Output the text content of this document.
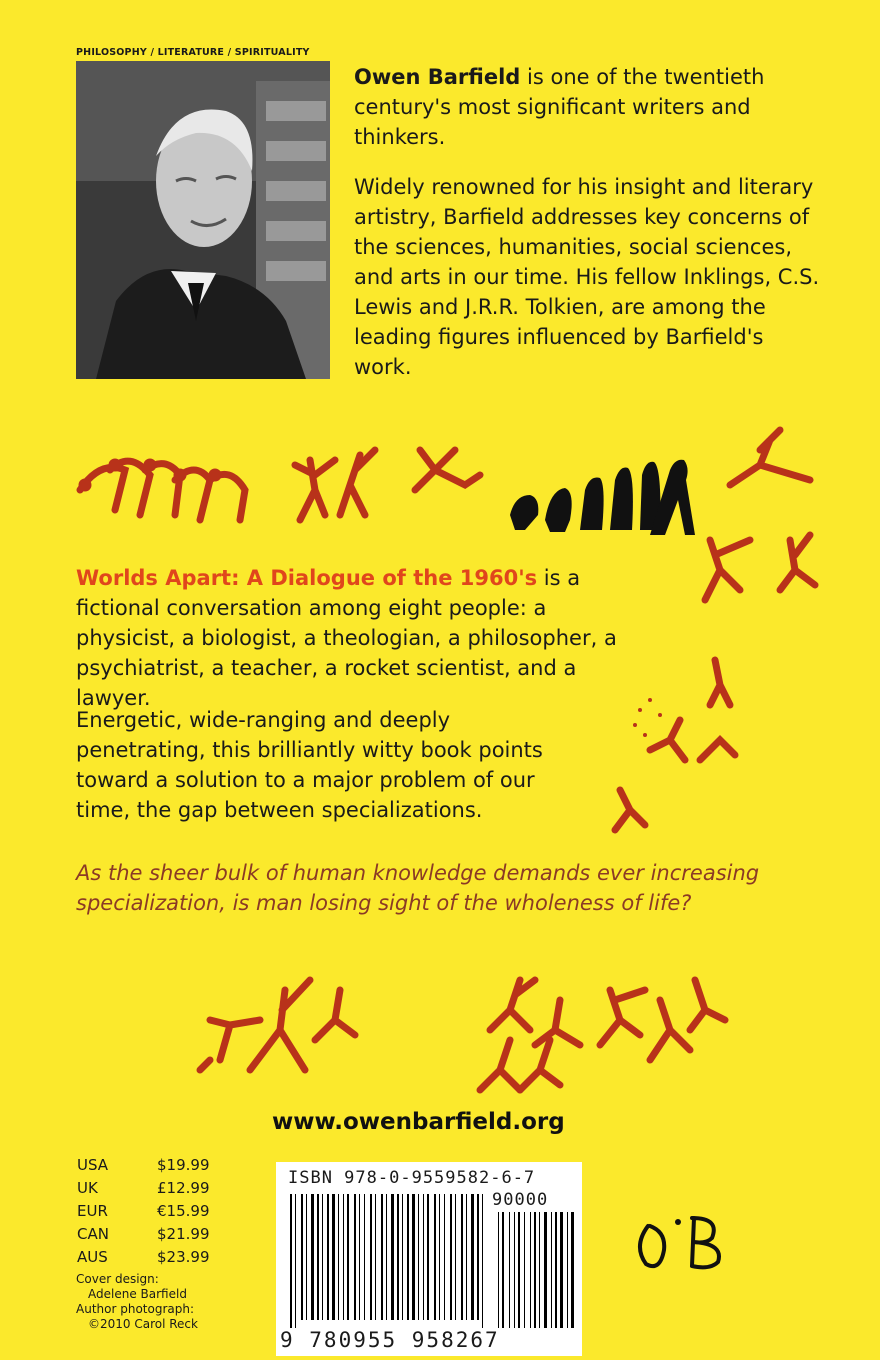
PHILOSOPHY / LITERATURE / SPIRITUALITY
Owen Barfield is one of the twentieth century's most significant writers and thinkers.
Widely renowned for his insight and literary artistry, Barfield addresses key concerns of the sciences, humanities, social sciences, and arts in our time. His fellow Inklings, C.S. Lewis and J.R.R. Tolkien, are among the leading figures influenced by Barfield's work.
Worlds Apart: A Dialogue of the 1960's is a fictional conversation among eight people: a physicist, a biologist, a theologian, a philosopher, a psychiatrist, a teacher, a rocket scientist, and a lawyer.
Energetic, wide-ranging and deeply penetrating, this brilliantly witty book points toward a solution to a major problem of our time, the gap between specializations.
As the sheer bulk of human knowledge demands ever increasing specialization, is man losing sight of the wholeness of life?
www.owenbarfield.org
USA	$19.99
UK	£12.99
EUR	€15.99
CAN	$21.99
AUS	$23.99
Cover design:
Adelene Barfield
Author photograph:
©2010 Carol Reck
ISBN 978-0-9559582-6-7
90000
9 780955 958267
